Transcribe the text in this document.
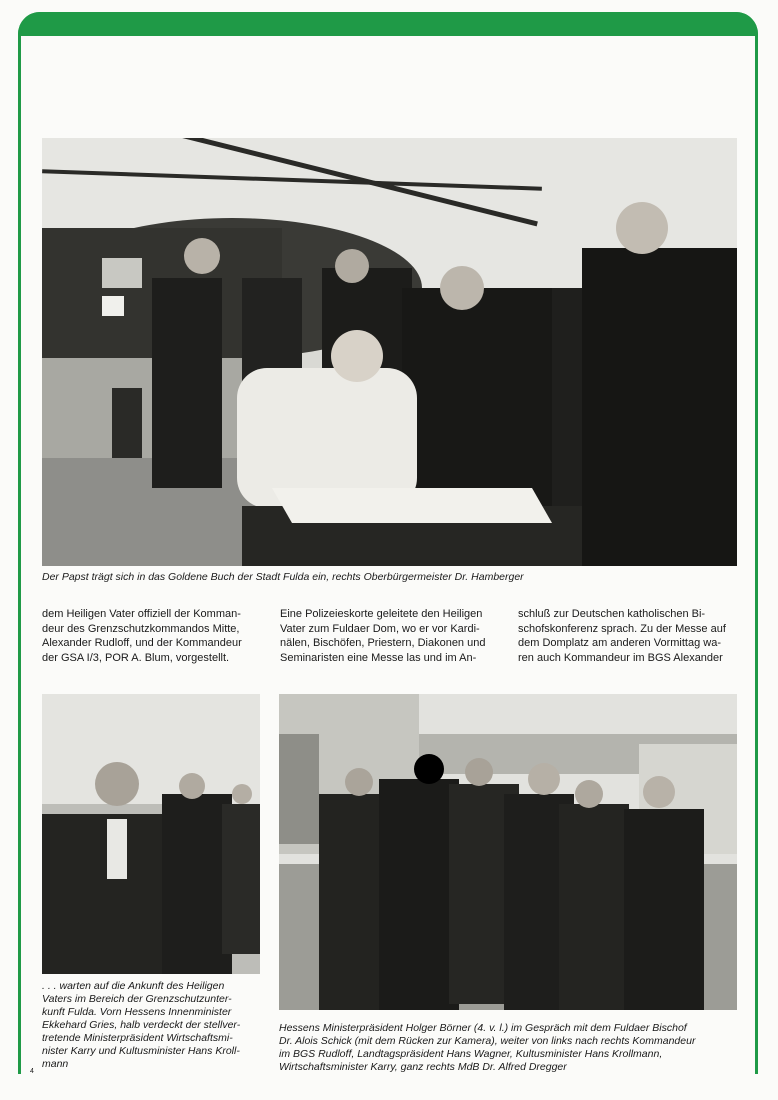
Der Papst trägt sich in das Goldene Buch der Stadt Fulda ein, rechts Oberbürgermeister Dr. Hamberger
dem Heiligen Vater offiziell der Komman-
deur des Grenzschutzkommandos Mitte,
Alexander Rudloff, und der Kommandeur
der GSA I/3, POR A. Blum, vorgestellt.
Eine Polizeieskorte geleitete den Heiligen
Vater zum Fuldaer Dom, wo er vor Kardi-
nälen, Bischöfen, Priestern, Diakonen und
Seminaristen eine Messe las und im An-
schluß zur Deutschen katholischen Bi-
schofskonferenz sprach. Zu der Messe auf
dem Domplatz am anderen Vormittag wa-
ren auch Kommandeur im BGS Alexander
. . . warten auf die Ankunft des Heiligen
Vaters im Bereich der Grenzschutzunter-
kunft Fulda. Vorn Hessens Innenminister
Ekkehard Gries, halb verdeckt der stellver-
tretende Ministerpräsident Wirtschaftsmi-
nister Karry und Kultusminister Hans Kroll-
mann
Hessens Ministerpräsident Holger Börner (4. v. l.) im Gespräch mit dem Fuldaer Bischof
Dr. Alois Schick (mit dem Rücken zur Kamera), weiter von links nach rechts Kommandeur
im BGS Rudloff, Landtagspräsident Hans Wagner, Kultusminister Hans Krollmann,
Wirtschaftsminister Karry, ganz rechts MdB Dr. Alfred Dregger
4
